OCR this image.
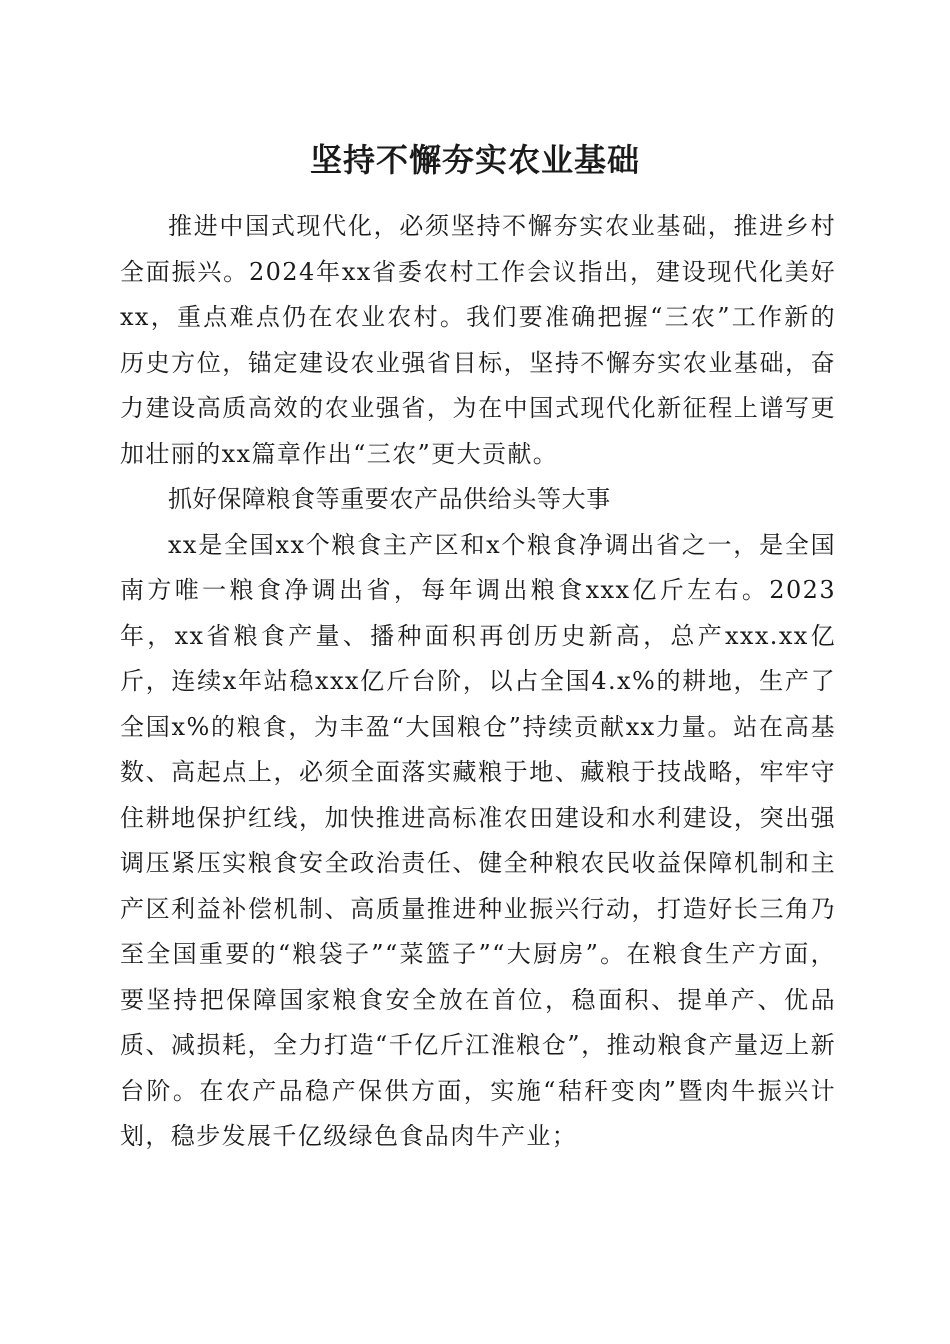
坚持不懈夯实农业基础

推进中国式现代化，必须坚持不懈夯实农业基础，推进乡村全面振兴。2024年xx省委农村工作会议指出，建设现代化美好xx，重点难点仍在农业农村。我们要准确把握“三农”工作新的历史方位，锚定建设农业强省目标，坚持不懈夯实农业基础，奋力建设高质高效的农业强省，为在中国式现代化新征程上谱写更加壮丽的xx篇章作出“三农”更大贡献。

抓好保障粮食等重要农产品供给头等大事

xx是全国xx个粮食主产区和x个粮食净调出省之一，是全国南方唯一粮食净调出省，每年调出粮食xxx亿斤左右。2023年，xx省粮食产量、播种面积再创历史新高，总产xxx.xx亿斤，连续x年站稳xxx亿斤台阶，以占全国4.x%的耕地，生产了全国x%的粮食，为丰盈“大国粮仓”持续贡献xx力量。站在高基数、高起点上，必须全面落实藏粮于地、藏粮于技战略，牢牢守住耕地保护红线，加快推进高标准农田建设和水利建设，突出强调压紧压实粮食安全政治责任、健全种粮农民收益保障机制和主产区利益补偿机制、高质量推进种业振兴行动，打造好长三角乃至全国重要的“粮袋子”“菜篮子”“大厨房”。在粮食生产方面，要坚持把保障国家粮食安全放在首位，稳面积、提单产、优品质、减损耗，全力打造“千亿斤江淮粮仓”，推动粮食产量迈上新台阶。在农产品稳产保供方面，实施“秸秆变肉”暨肉牛振兴计划，稳步发展千亿级绿色食品肉牛产业；
